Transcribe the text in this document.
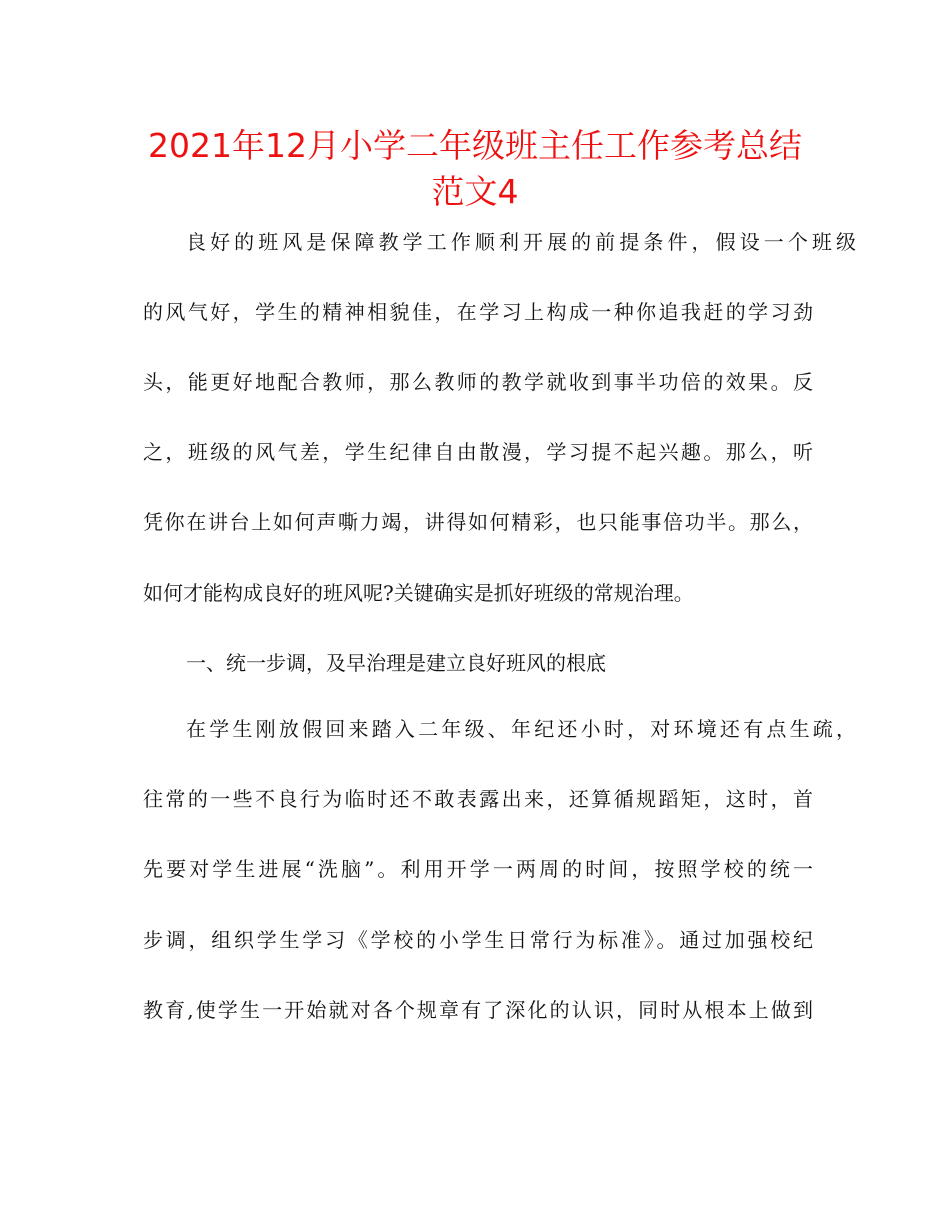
2021年12月小学二年级班主任工作参考总结
范文4

良好的班风是保障教学工作顺利开展的前提条件，假设一个班级

的风气好，学生的精神相貌佳，在学习上构成一种你追我赶的学习劲

头，能更好地配合教师，那么教师的教学就收到事半功倍的效果。反

之，班级的风气差，学生纪律自由散漫，学习提不起兴趣。那么，听

凭你在讲台上如何声嘶力竭，讲得如何精彩，也只能事倍功半。那么，

如何才能构成良好的班风呢?关键确实是抓好班级的常规治理。

一、统一步调，及早治理是建立良好班风的根底

在学生刚放假回来踏入二年级、年纪还小时，对环境还有点生疏，

往常的一些不良行为临时还不敢表露出来，还算循规蹈矩，这时，首

先要对学生进展“洗脑”。利用开学一两周的时间，按照学校的统一

步调，组织学生学习《学校的小学生日常行为标准》。通过加强校纪

教育,使学生一开始就对各个规章有了深化的认识，同时从根本上做到
